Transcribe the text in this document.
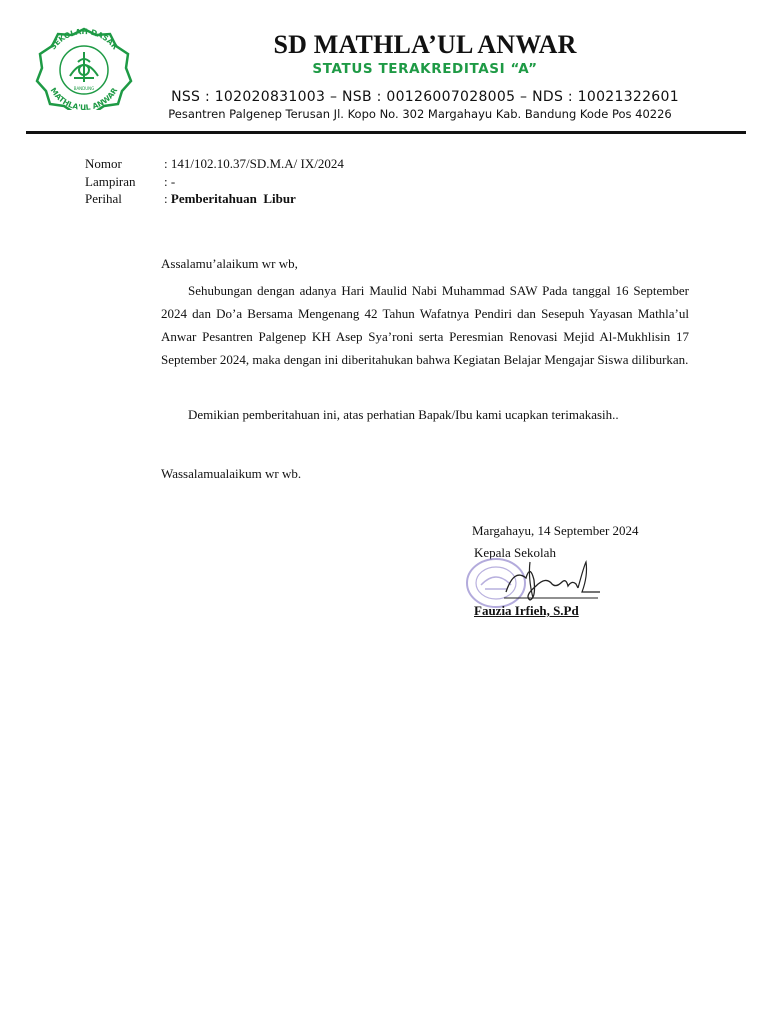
SEKOLAH DASAR
MATHLA'UL ANWAR
BANDUNG
SD MATHLA’UL ANWAR
STATUS TERAKREDITASI “A”
NSS : 102020831003 – NSB : 00126007028005 – NDS : 10021322601
Pesantren Palgenep Terusan Jl. Kopo No. 302 Margahayu Kab. Bandung Kode Pos 40226
Nomor	: 141/102.10.37/SD.M.A/ IX/2024
Lampiran	: -
Perihal	: Pemberitahuan  Libur
Assalamu’alaikum wr wb,
Sehubungan dengan adanya Hari Maulid Nabi Muhammad SAW Pada tanggal 16 September 2024 dan Do’a Bersama Mengenang 42 Tahun Wafatnya Pendiri dan Sesepuh Yayasan Mathla’ul Anwar Pesantren Palgenep KH Asep Sya’roni serta Peresmian Renovasi Mejid Al-Mukhlisin 17 September 2024, maka dengan ini diberitahukan bahwa Kegiatan Belajar Mengajar Siswa diliburkan.
Demikian pemberitahuan ini, atas perhatian Bapak/Ibu kami ucapkan terimakasih..
Wassalamualaikum wr wb.
Margahayu, 14 September 2024
Kepala Sekolah
Fauzia Irfieh, S.Pd
